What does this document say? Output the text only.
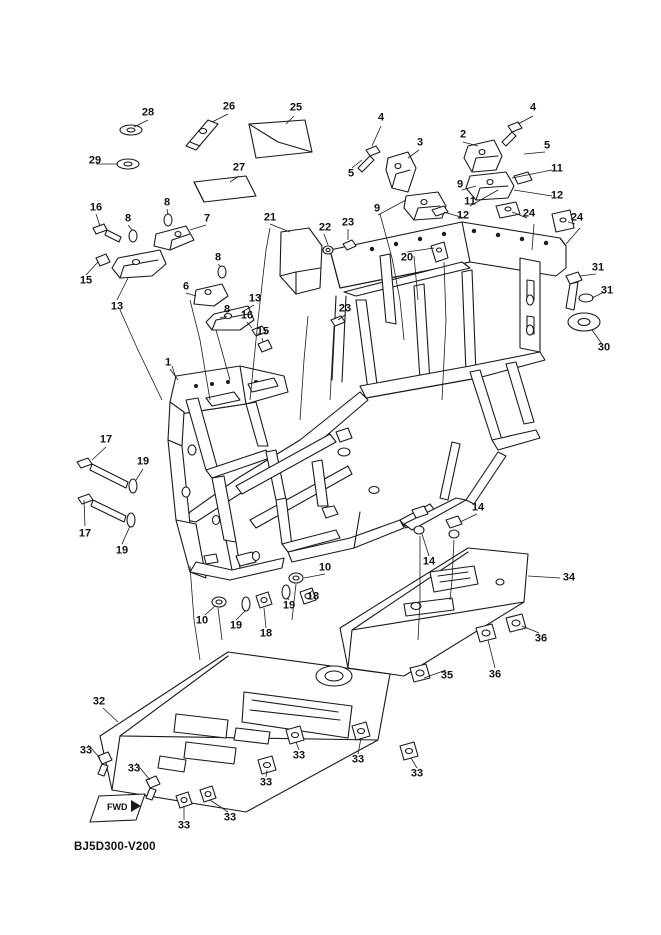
28	26	25
4
4
3
2
5
5
29
11
9
12
27
16
8
8
7	21
22 23
9
11
12	24	24
20
8
15
13
6
13
8 16
15
23
31
31
30
1
17
19
17
19
14
14
10
34
18
19
18
19
10
36
36
35
32
33
33
33	33
33
33
33
33
BJ5D300-V200
FWD
